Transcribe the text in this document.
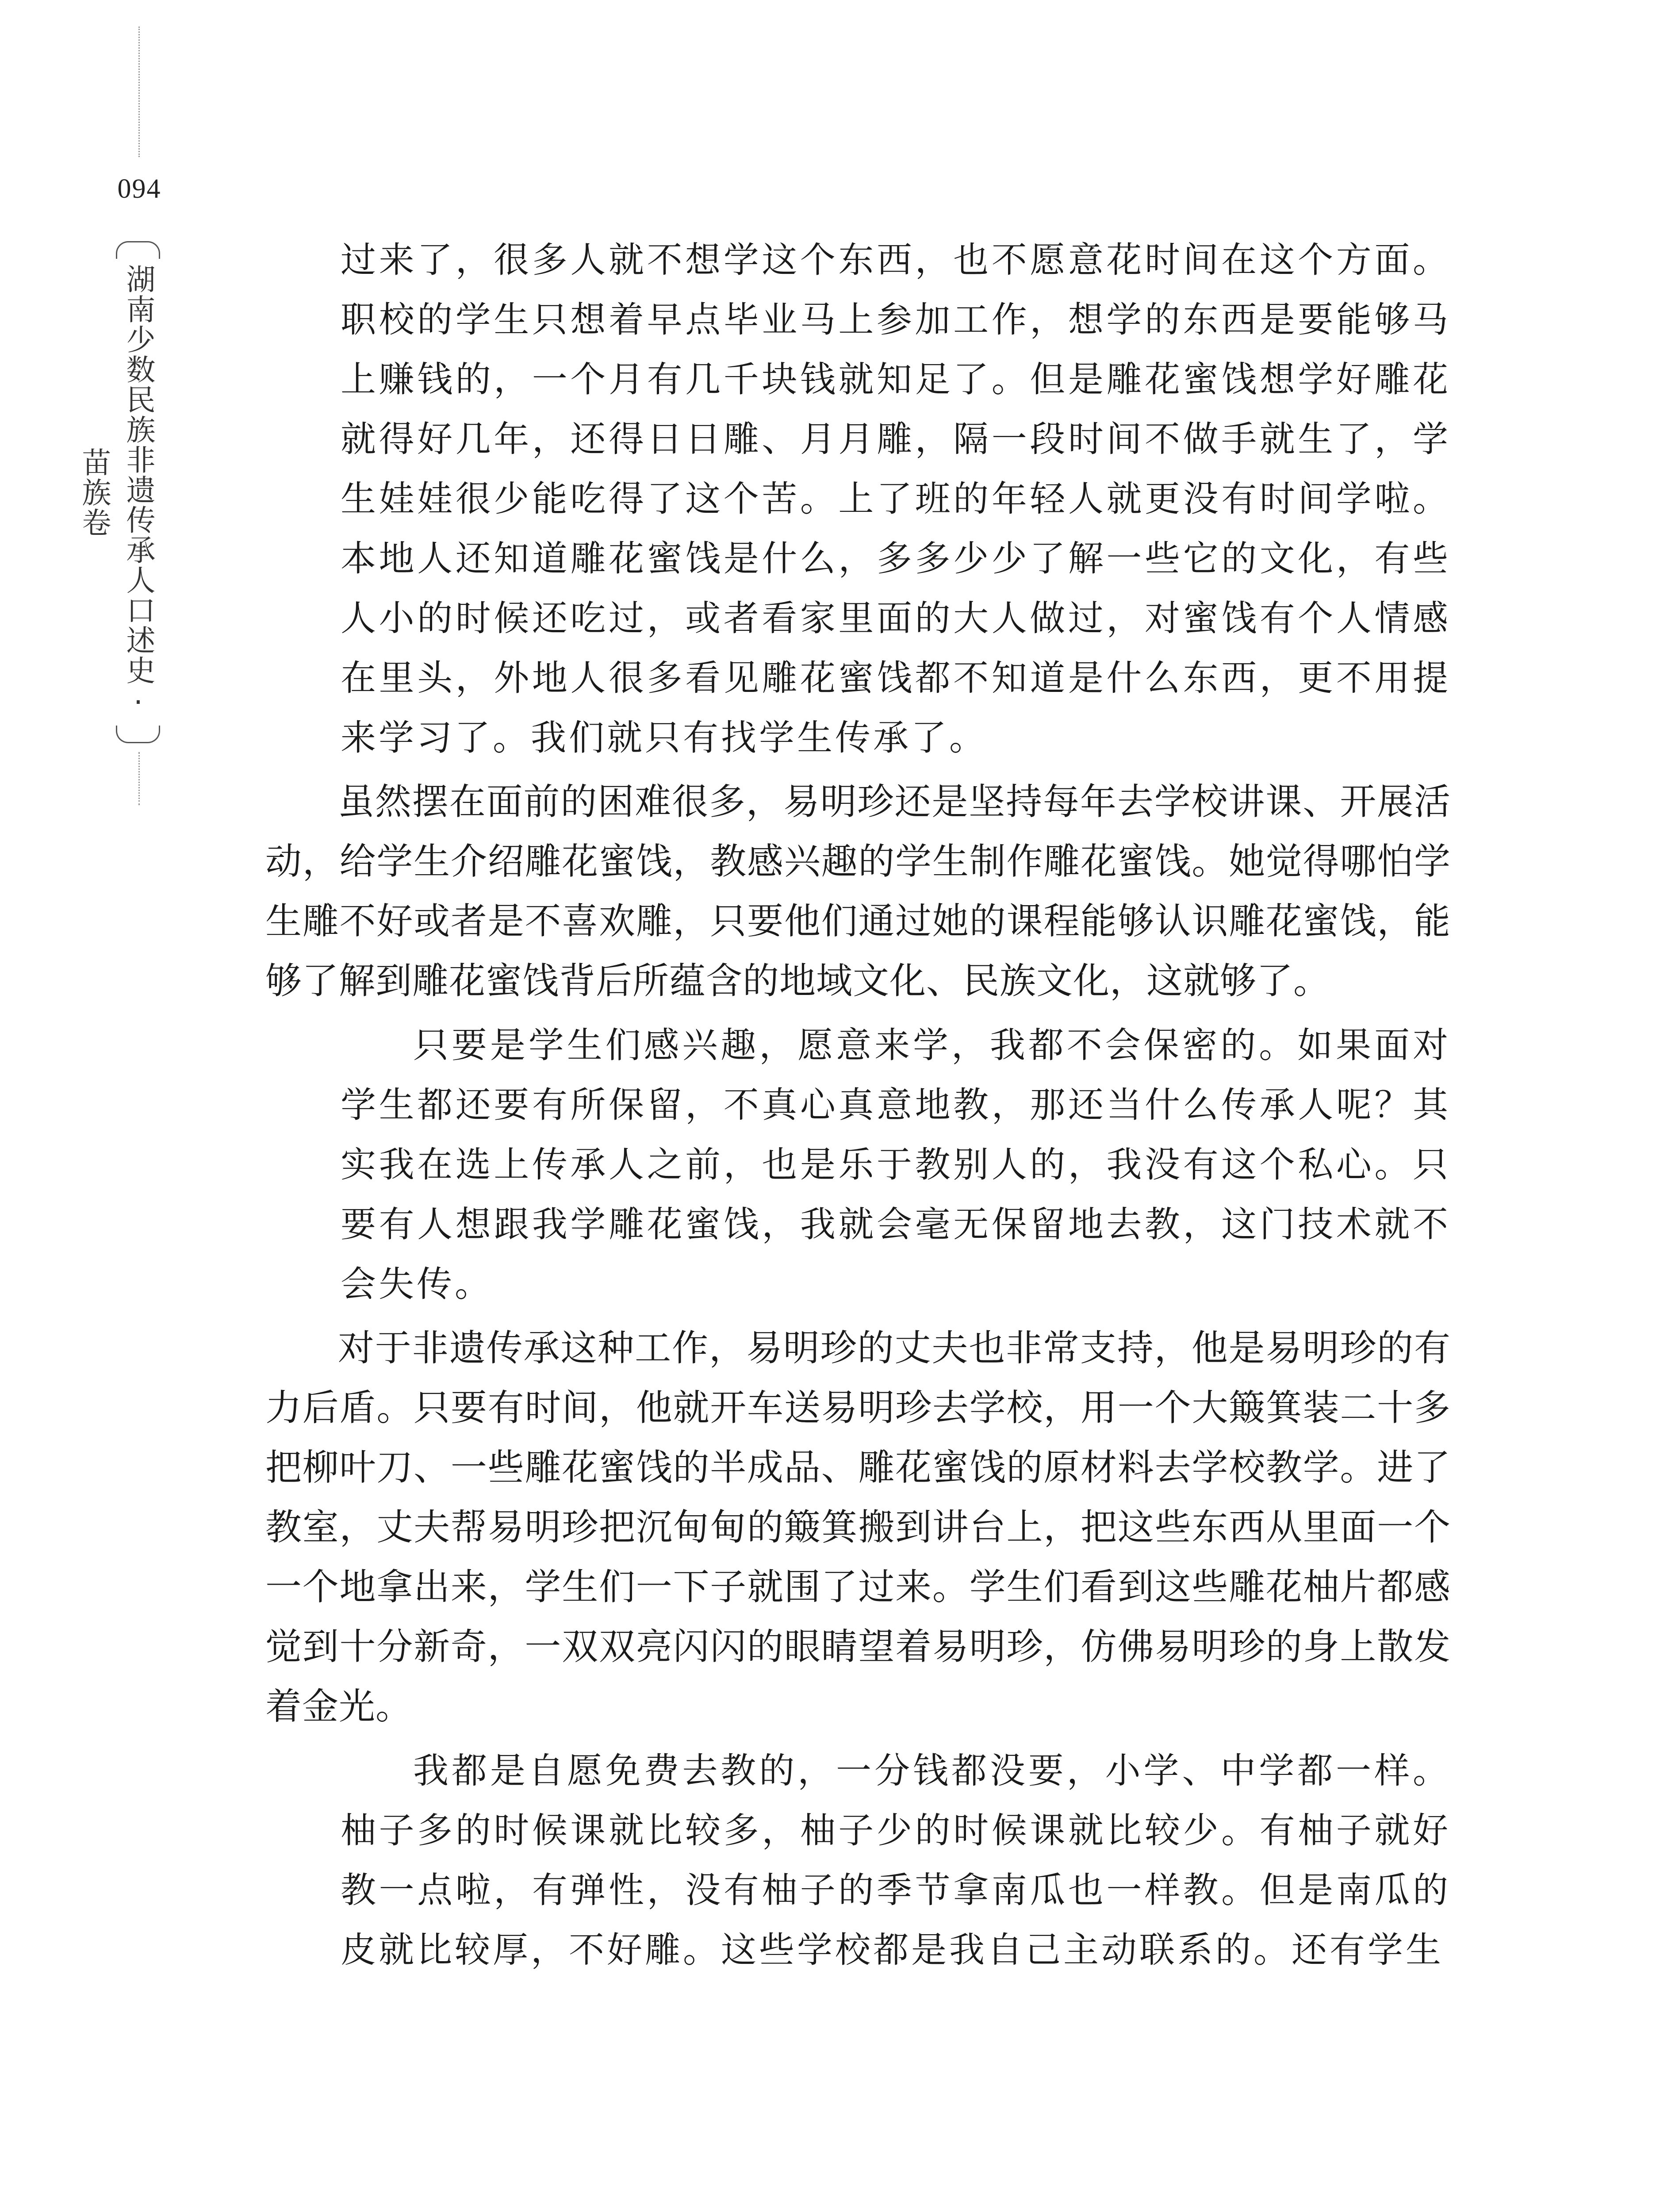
094
湖南少数民族非遗传承人口述史·苗族卷

过来了，很多人就不想学这个东西，也不愿意花时间在这个方面。职校的学生只想着早点毕业马上参加工作，想学的东西是要能够马上赚钱的，一个月有几千块钱就知足了。但是雕花蜜饯想学好雕花就得好几年，还得日日雕、月月雕，隔一段时间不做手就生了，学生娃娃很少能吃得了这个苦。上了班的年轻人就更没有时间学啦。本地人还知道雕花蜜饯是什么，多多少少了解一些它的文化，有些人小的时候还吃过，或者看家里面的大人做过，对蜜饯有个人情感在里头，外地人很多看见雕花蜜饯都不知道是什么东西，更不用提来学习了。我们就只有找学生传承了。

虽然摆在面前的困难很多，易明珍还是坚持每年去学校讲课、开展活动，给学生介绍雕花蜜饯，教感兴趣的学生制作雕花蜜饯。她觉得哪怕学生雕不好或者是不喜欢雕，只要他们通过她的课程能够认识雕花蜜饯，能够了解到雕花蜜饯背后所蕴含的地域文化、民族文化，这就够了。

只要是学生们感兴趣，愿意来学，我都不会保密的。如果面对学生都还要有所保留，不真心真意地教，那还当什么传承人呢？其实我在选上传承人之前，也是乐于教别人的，我没有这个私心。只要有人想跟我学雕花蜜饯，我就会毫无保留地去教，这门技术就不会失传。

对于非遗传承这种工作，易明珍的丈夫也非常支持，他是易明珍的有力后盾。只要有时间，他就开车送易明珍去学校，用一个大簸箕装二十多把柳叶刀、一些雕花蜜饯的半成品、雕花蜜饯的原材料去学校教学。进了教室，丈夫帮易明珍把沉甸甸的簸箕搬到讲台上，把这些东西从里面一个一个地拿出来，学生们一下子就围了过来。学生们看到这些雕花柚片都感觉到十分新奇，一双双亮闪闪的眼睛望着易明珍，仿佛易明珍的身上散发着金光。

我都是自愿免费去教的，一分钱都没要，小学、中学都一样。柚子多的时候课就比较多，柚子少的时候课就比较少。有柚子就好教一点啦，有弹性，没有柚子的季节拿南瓜也一样教。但是南瓜的皮就比较厚，不好雕。这些学校都是我自己主动联系的。还有学生
